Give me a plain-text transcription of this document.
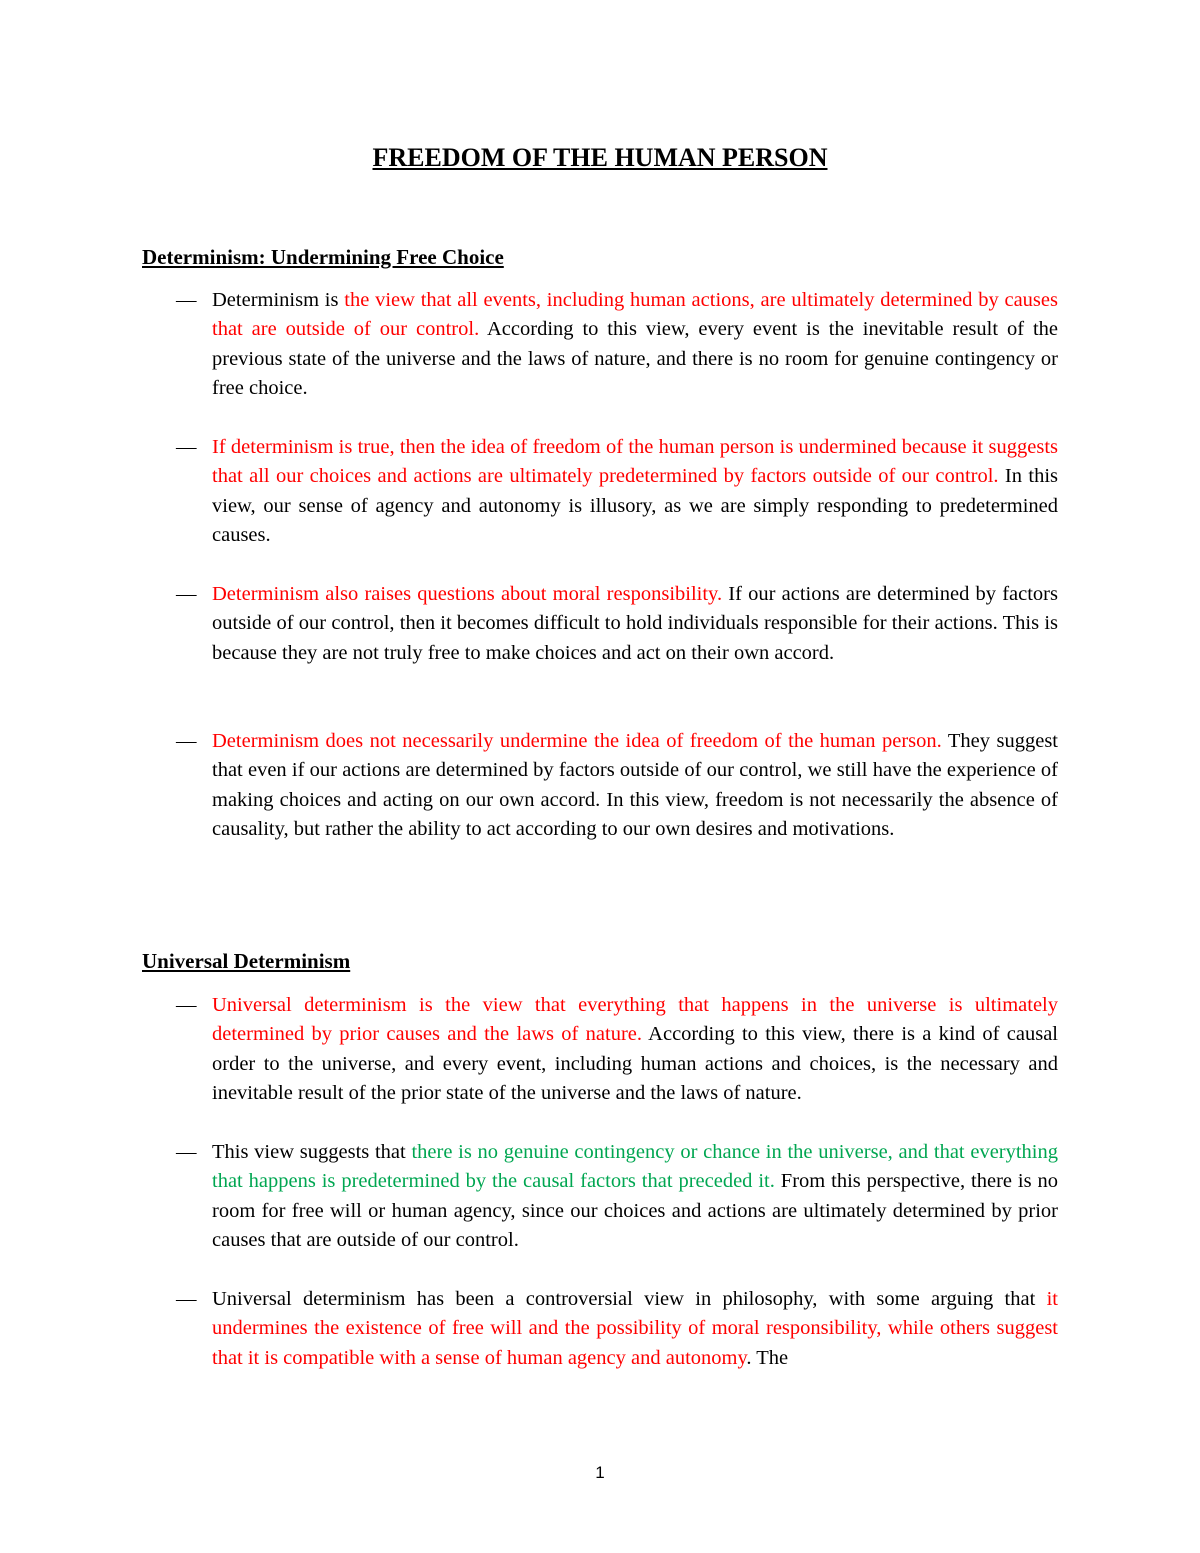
FREEDOM OF THE HUMAN PERSON
Determinism: Undermining Free Choice
— Determinism is the view that all events, including human actions, are ultimately determined by causes that are outside of our control. According to this view, every event is the inevitable result of the previous state of the universe and the laws of nature, and there is no room for genuine contingency or free choice.
— If determinism is true, then the idea of freedom of the human person is undermined because it suggests that all our choices and actions are ultimately predetermined by factors outside of our control. In this view, our sense of agency and autonomy is illusory, as we are simply responding to predetermined causes.
— Determinism also raises questions about moral responsibility. If our actions are determined by factors outside of our control, then it becomes difficult to hold individuals responsible for their actions. This is because they are not truly free to make choices and act on their own accord.
— Determinism does not necessarily undermine the idea of freedom of the human person. They suggest that even if our actions are determined by factors outside of our control, we still have the experience of making choices and acting on our own accord. In this view, freedom is not necessarily the absence of causality, but rather the ability to act according to our own desires and motivations.
Universal Determinism
— Universal determinism is the view that everything that happens in the universe is ultimately determined by prior causes and the laws of nature. According to this view, there is a kind of causal order to the universe, and every event, including human actions and choices, is the necessary and inevitable result of the prior state of the universe and the laws of nature.
— This view suggests that there is no genuine contingency or chance in the universe, and that everything that happens is predetermined by the causal factors that preceded it. From this perspective, there is no room for free will or human agency, since our choices and actions are ultimately determined by prior causes that are outside of our control.
— Universal determinism has been a controversial view in philosophy, with some arguing that it undermines the existence of free will and the possibility of moral responsibility, while others suggest that it is compatible with a sense of human agency and autonomy. The
1
